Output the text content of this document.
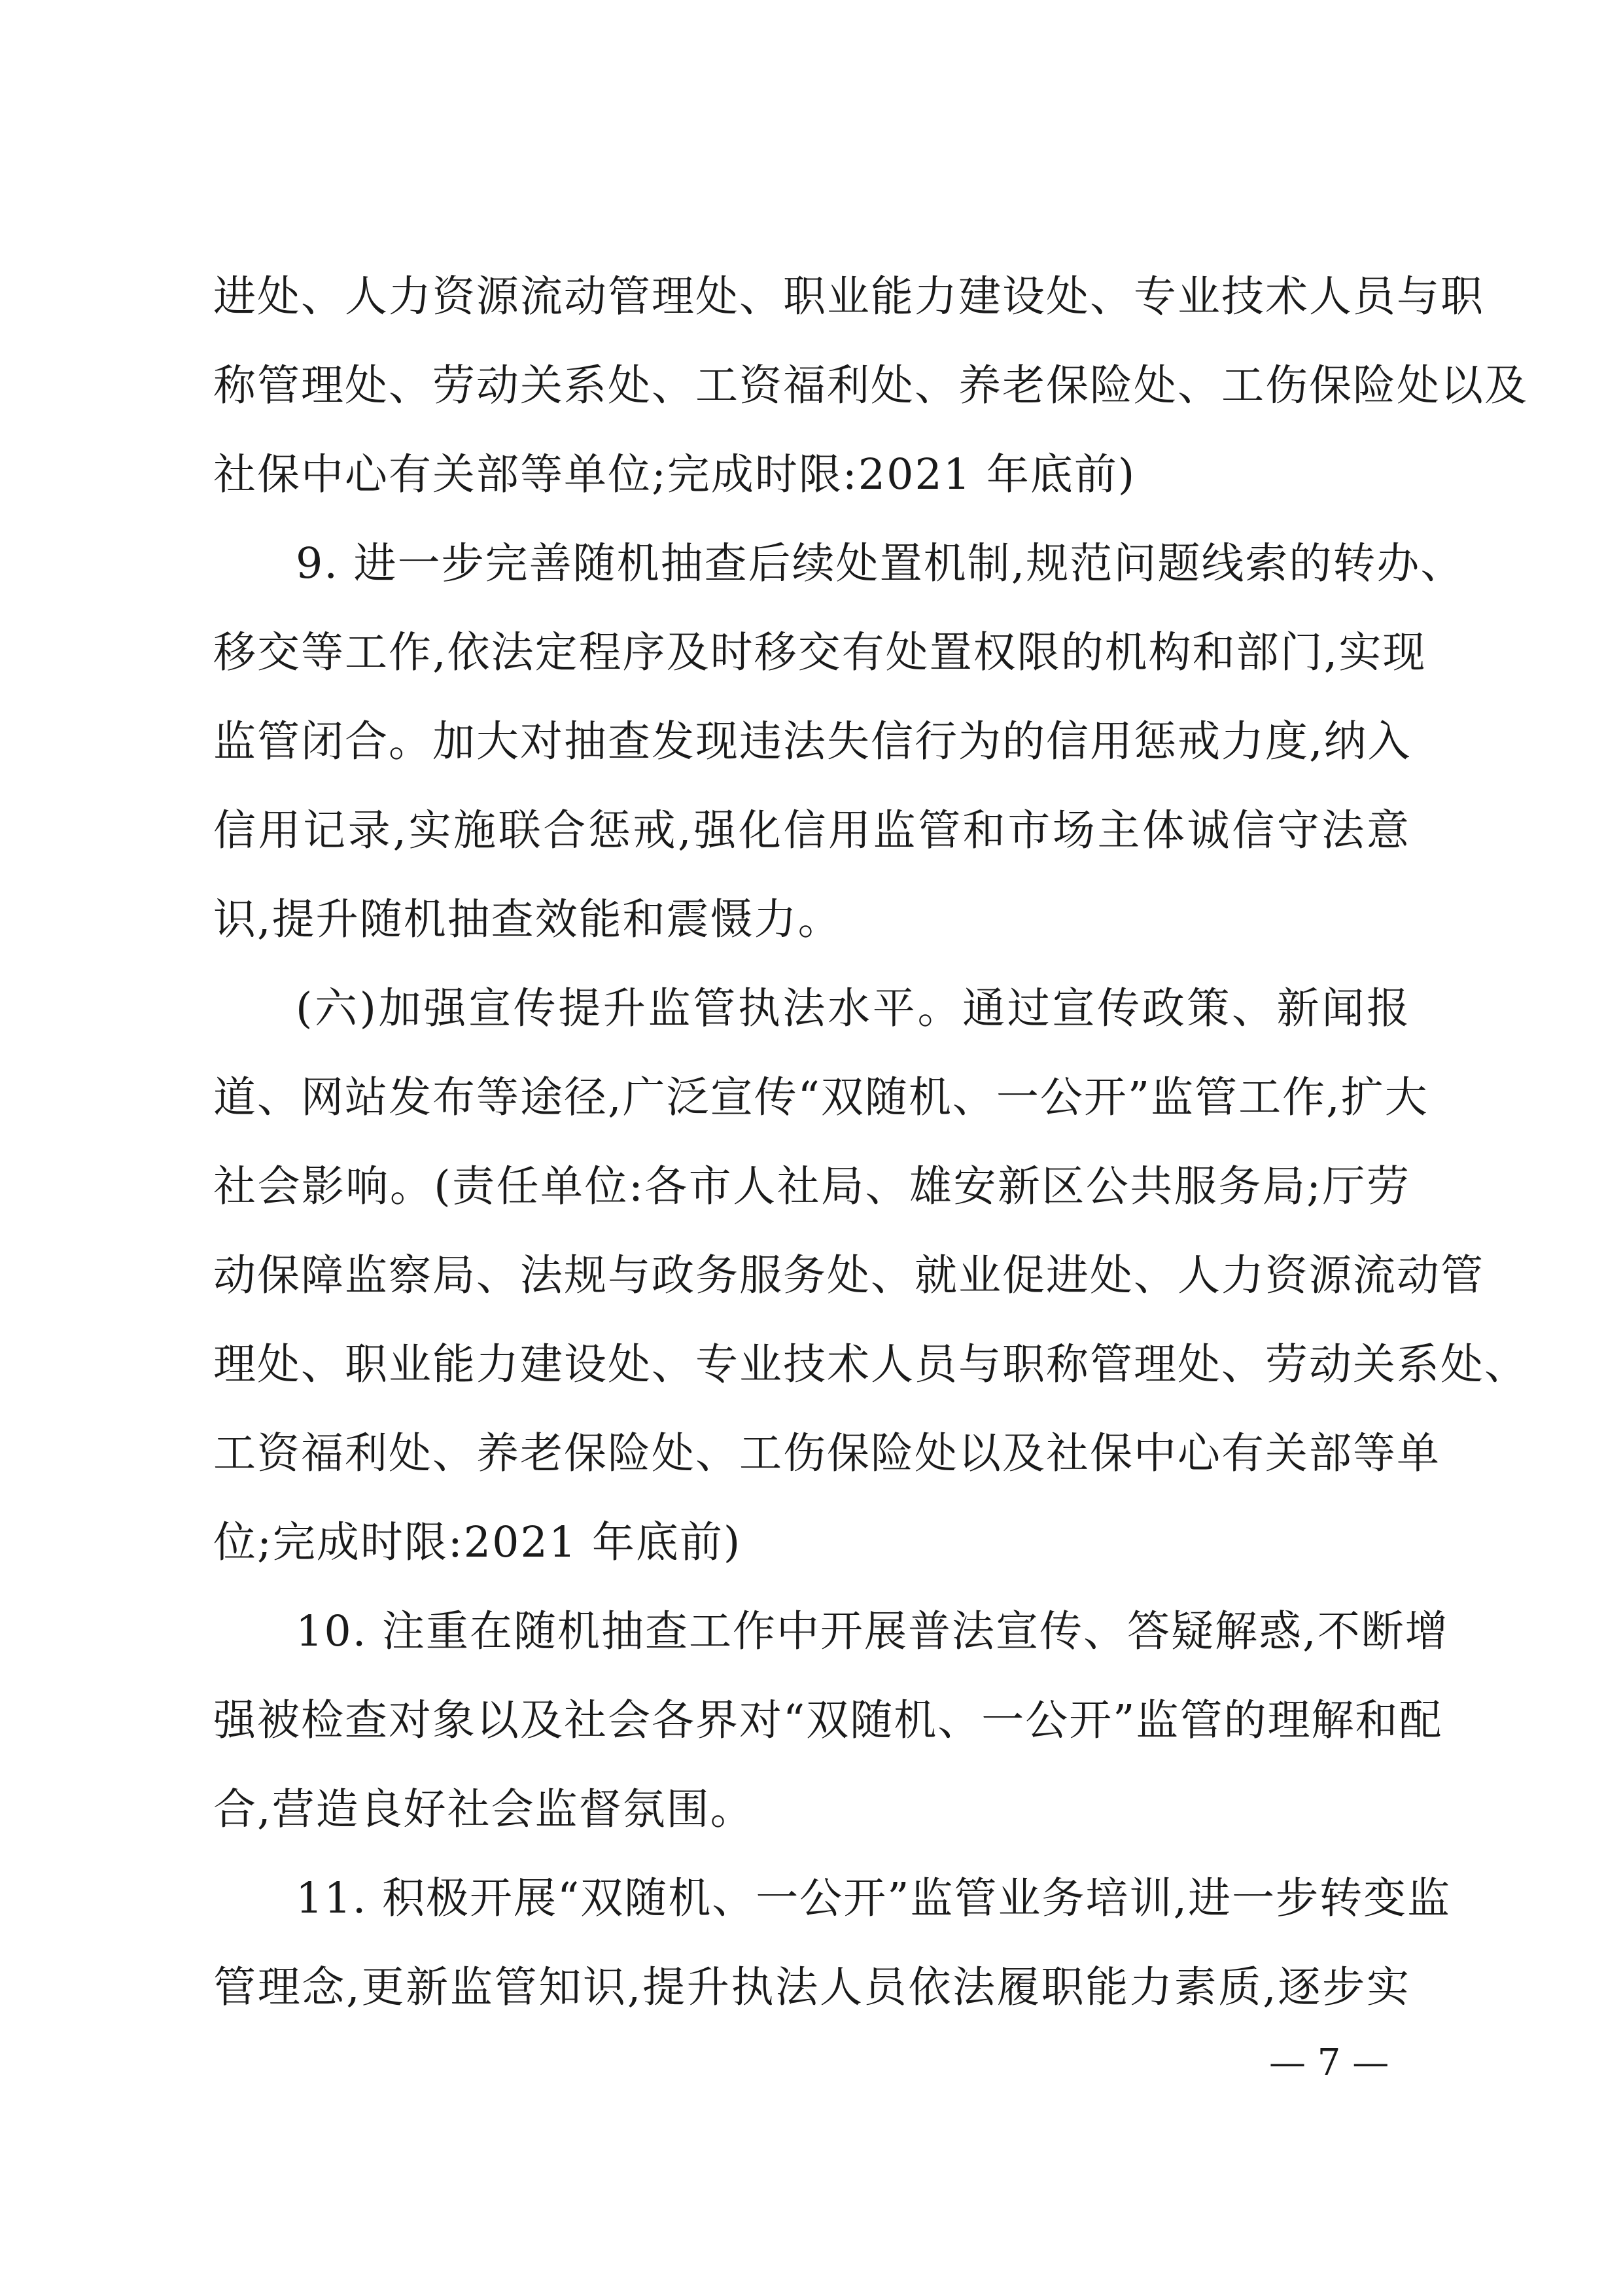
进处、人力资源流动管理处、职业能力建设处、专业技术人员与职
称管理处、劳动关系处、工资福利处、养老保险处、工伤保险处以及
社保中心有关部等单位;完成时限:2021 年底前)
9. 进一步完善随机抽查后续处置机制,规范问题线索的转办、
移交等工作,依法定程序及时移交有处置权限的机构和部门,实现
监管闭合。加大对抽查发现违法失信行为的信用惩戒力度,纳入
信用记录,实施联合惩戒,强化信用监管和市场主体诚信守法意
识,提升随机抽查效能和震慑力。
(六)加强宣传提升监管执法水平。通过宣传政策、新闻报
道、网站发布等途径,广泛宣传“双随机、一公开”监管工作,扩大
社会影响。(责任单位:各市人社局、雄安新区公共服务局;厅劳
动保障监察局、法规与政务服务处、就业促进处、人力资源流动管
理处、职业能力建设处、专业技术人员与职称管理处、劳动关系处、
工资福利处、养老保险处、工伤保险处以及社保中心有关部等单
位;完成时限:2021 年底前)
10. 注重在随机抽查工作中开展普法宣传、答疑解惑,不断增
强被检查对象以及社会各界对“双随机、一公开”监管的理解和配
合,营造良好社会监督氛围。
11. 积极开展“双随机、一公开”监管业务培训,进一步转变监
管理念,更新监管知识,提升执法人员依法履职能力素质,逐步实
— 7 —
